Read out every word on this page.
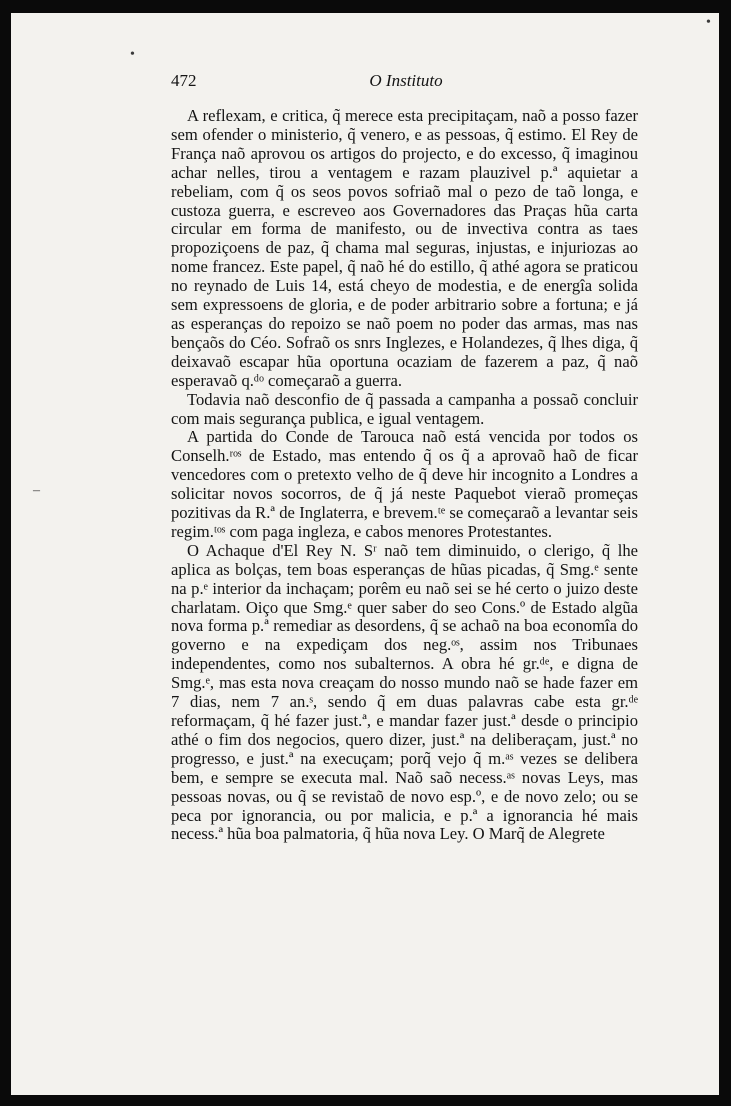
472	O Instituto

A reflexam, e critica, q̃ merece esta precipitaçam, naõ a posso fazer sem ofender o ministerio, q̃ venero, e as pessoas, q̃ estimo. El Rey de França naõ aprovou os artigos do projecto, e do excesso, q̃ imaginou achar nelles, tirou a ventagem e razam plauzivel p.ª aquietar a rebeliam, com q̃ os seos povos sofriaõ mal o pezo de taõ longa, e custoza guerra, e escreveo aos Governadores das Praças hũa carta circular em forma de manifesto, ou de invectiva contra as taes propoziçoens de paz, q̃ chama mal seguras, injustas, e injuriozas ao nome francez. Este papel, q̃ naõ hé do estillo, q̃ athé agora se praticou no reynado de Luis 14, está cheyo de modestia, e de energîa solida sem expressoens de gloria, e de poder arbitrario sobre a fortuna; e já as esperanças do repoizo se naõ poem no poder das armas, mas nas bençaõs do Céo. Sofraõ os snrs Inglezes, e Holandezes, q̃ lhes diga, q̃ deixavaõ escapar hũa oportuna ocaziam de fazerem a paz, q̃ naõ esperavaõ q.ᵈᵒ começaraõ a guerra.

Todavia naõ desconfio de q̃ passada a campanha a possaõ concluir com mais segurança publica, e igual ventagem.

A partida do Conde de Tarouca naõ está vencida por todos os Conselh.ʳᵒˢ de Estado, mas entendo q̃ os q̃ a aprovaõ haõ de ficar vencedores com o pretexto velho de q̃ deve hir incognito a Londres a solicitar novos socorros, de q̃ já neste Paquebot vieraõ promeças pozitivas da R.ª de Inglaterra, e brevem.ᵗᵉ se começaraõ a levantar seis regim.ᵗᵒˢ com paga ingleza, e cabos menores Protestantes.

O Achaque d'El Rey N. Sʳ naõ tem diminuido, o clerigo, q̃ lhe aplica as bolças, tem boas esperanças de hũas picadas, q̃ Smg.ᵉ sente na p.ᵉ interior da inchaçam; porêm eu naõ sei se hé certo o juizo deste charlatam. Oiço que Smg.ᵉ quer saber do seo Cons.º de Estado algũa nova forma p.ª remediar as desordens, q̃ se achaõ na boa economîa do governo e na expediçam dos neg.ᵒˢ, assim nos Tribunaes independentes, como nos subalternos. A obra hé gr.ᵈᵉ, e digna de Smg.ᵉ, mas esta nova creaçam do nosso mundo naõ se hade fazer em 7 dias, nem 7 an.ˢ, sendo q̃ em duas palavras cabe esta gr.ᵈᵉ reformaçam, q̃ hé fazer just.ª, e mandar fazer just.ª desde o principio athé o fim dos negocios, quero dizer, just.ª na deliberaçam, just.ª no progresso, e just.ª na execuçam; porq̃ vejo q̃ m.ᵃˢ vezes se delibera bem, e sempre se executa mal. Naõ saõ necess.ᵃˢ novas Leys, mas pessoas novas, ou q̃ se revistaõ de novo esp.º, e de novo zelo; ou se peca por ignorancia, ou por malicia, e p.ª a ignorancia hé mais necess.ª hũa boa palmatoria, q̃ hũa nova Ley. O Marq̃ de Alegrete

•
•
–
